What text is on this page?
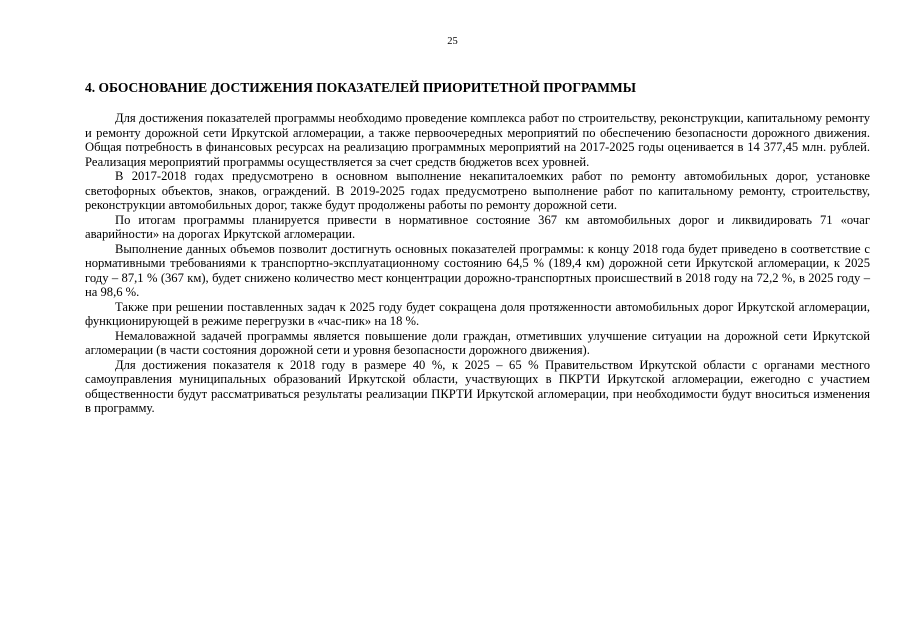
25
4. ОБОСНОВАНИЕ ДОСТИЖЕНИЯ ПОКАЗАТЕЛЕЙ ПРИОРИТЕТНОЙ ПРОГРАММЫ

Для достижения показателей программы необходимо проведение комплекса работ по строительству, реконструкции, капитальному ремонту и ремонту дорожной сети Иркутской агломерации, а также первоочередных мероприятий по обеспечению безопасности дорожного движения. Общая потребность в финансовых ресурсах на реализацию программных мероприятий на 2017-2025 годы оценивается в 14 377,45 млн. рублей. Реализация мероприятий программы осуществляется за счет средств бюджетов всех уровней.

В 2017-2018 годах предусмотрено в основном выполнение некапиталоемких работ по ремонту автомобильных дорог, установке светофорных объектов, знаков, ограждений. В 2019-2025 годах предусмотрено выполнение работ по капитальному ремонту, строительству, реконструкции автомобильных дорог, также будут продолжены работы по ремонту дорожной сети.

По итогам программы планируется привести в нормативное состояние 367 км автомобильных дорог и ликвидировать 71 «очаг аварийности» на дорогах Иркутской агломерации.

Выполнение данных объемов позволит достигнуть основных показателей программы: к концу 2018 года будет приведено в соответствие с нормативными требованиями к транспортно-эксплуатационному состоянию 64,5 % (189,4 км) дорожной сети Иркутской агломерации, к 2025 году – 87,1 % (367 км), будет снижено количество мест концентрации дорожно-транспортных происшествий в 2018 году на 72,2 %, в 2025 году – на 98,6 %.

Также при решении поставленных задач к 2025 году будет сокращена доля протяженности автомобильных дорог Иркутской агломерации, функционирующей в режиме перегрузки в «час-пик» на 18 %.

Немаловажной задачей программы является повышение доли граждан, отметивших улучшение ситуации на дорожной сети Иркутской агломерации (в части состояния дорожной сети и уровня безопасности дорожного движения).

Для достижения показателя к 2018 году в размере 40 %, к 2025 – 65 % Правительством Иркутской области с органами местного самоуправления муниципальных образований Иркутской области, участвующих в ПКРТИ Иркутской агломерации, ежегодно с участием общественности будут рассматриваться результаты реализации ПКРТИ Иркутской агломерации, при необходимости будут вноситься изменения в программу.
